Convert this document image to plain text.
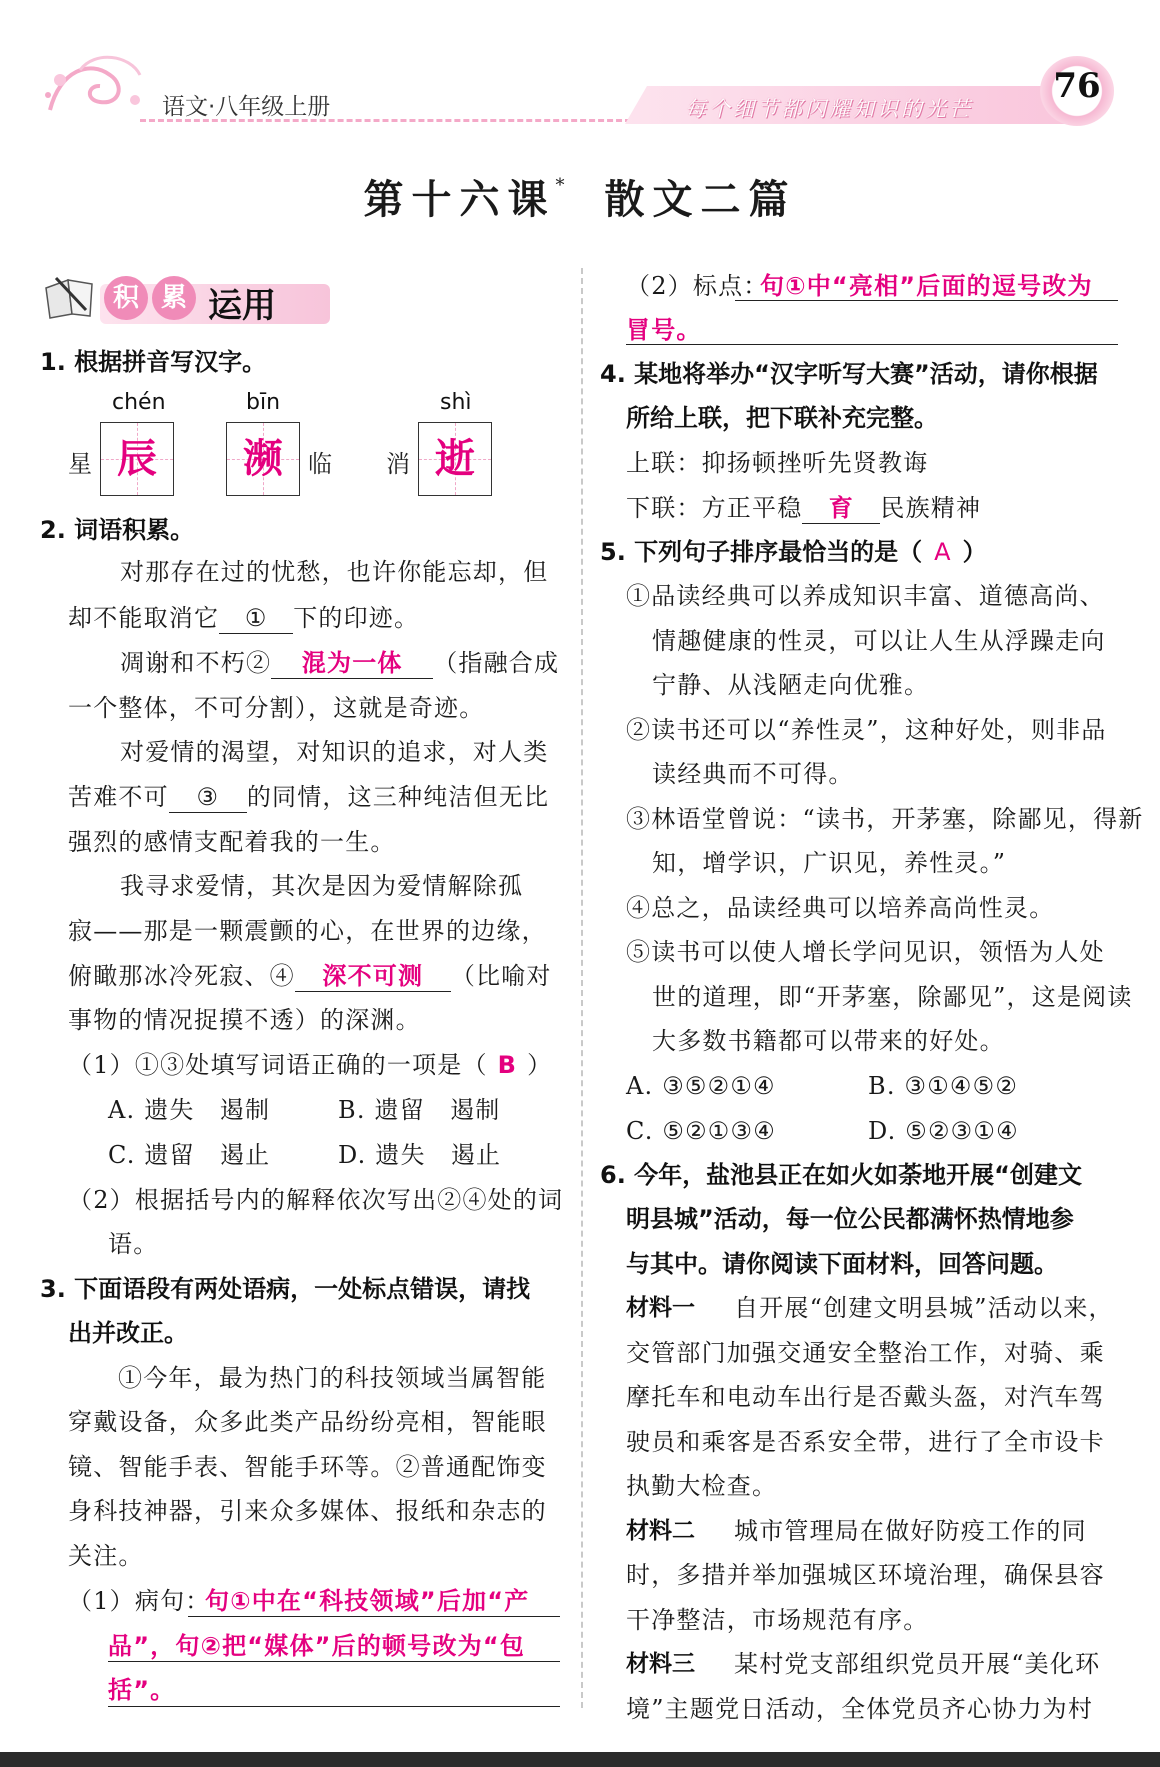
语文·八年级上册	每个细节都闪耀知识的光芒
76
第十六课* 散文二篇
积 累 运用
1. 根据拼音写汉字。
chén
星 辰
bīn
濒	临
shì
消 逝
2. 词语积累。
对那存在过的忧愁，也许你能忘却，但
却不能取消它 ① 下的印迹。
凋谢和不朽② 混为一体 （指融合成
一个整体，不可分割），这就是奇迹。
对爱情的渴望，对知识的追求，对人类
苦难不可 ③ 的同情，这三种纯洁但无比
强烈的感情支配着我的一生。
我寻求爱情，其次是因为爱情解除孤
寂——那是一颗震颤的心，在世界的边缘，
俯瞰那冰冷死寂、④ 深不可测 （比喻对
事物的情况捉摸不透）的深渊。
（1）①③处填写词语正确的一项是（ B ）
A. 遗失　遏制	B. 遗留　遏制
C. 遗留　遏止	D. 遗失　遏止
（2）根据括号内的解释依次写出②④处的词
语。
3. 下面语段有两处语病，一处标点错误，请找
出并改正。
①今年，最为热门的科技领域当属智能
穿戴设备，众多此类产品纷纷亮相，智能眼
镜、智能手表、智能手环等。②普通配饰变
身科技神器，引来众多媒体、报纸和杂志的
关注。
（1）病句：
句①中在“科技领域”后加“产
品”，句②把“媒体”后的顿号改为“包
括”。
（2）标点：
句①中“亮相”后面的逗号改为
冒号。
4. 某地将举办“汉字听写大赛”活动，请你根据
所给上联，把下联补充完整。
上联：抑扬顿挫听先贤教诲
下联：方正平稳 育 民族精神
5. 下列句子排序最恰当的是（ A ）
①品读经典可以养成知识丰富、道德高尚、
情趣健康的性灵，可以让人生从浮躁走向
宁静、从浅陋走向优雅。
②读书还可以“养性灵”，这种好处，则非品
读经典而不可得。
③林语堂曾说：“读书，开茅塞，除鄙见，得新
知，增学识，广识见，养性灵。”
④总之，品读经典可以培养高尚性灵。
⑤读书可以使人增长学问见识，领悟为人处
世的道理，即“开茅塞，除鄙见”，这是阅读
大多数书籍都可以带来的好处。
A. ③⑤②①④	B. ③①④⑤②
C. ⑤②①③④	D. ⑤②③①④
6. 今年，盐池县正在如火如荼地开展“创建文
明县城”活动，每一位公民都满怀热情地参
与其中。请你阅读下面材料，回答问题。
材料一 自开展“创建文明县城”活动以来，
交管部门加强交通安全整治工作，对骑、乘
摩托车和电动车出行是否戴头盔，对汽车驾
驶员和乘客是否系安全带，进行了全市设卡
执勤大检查。
材料二 城市管理局在做好防疫工作的同
时，多措并举加强城区环境治理，确保县容
干净整洁，市场规范有序。
材料三 某村党支部组织党员开展“美化环
境”主题党日活动，全体党员齐心协力为村
